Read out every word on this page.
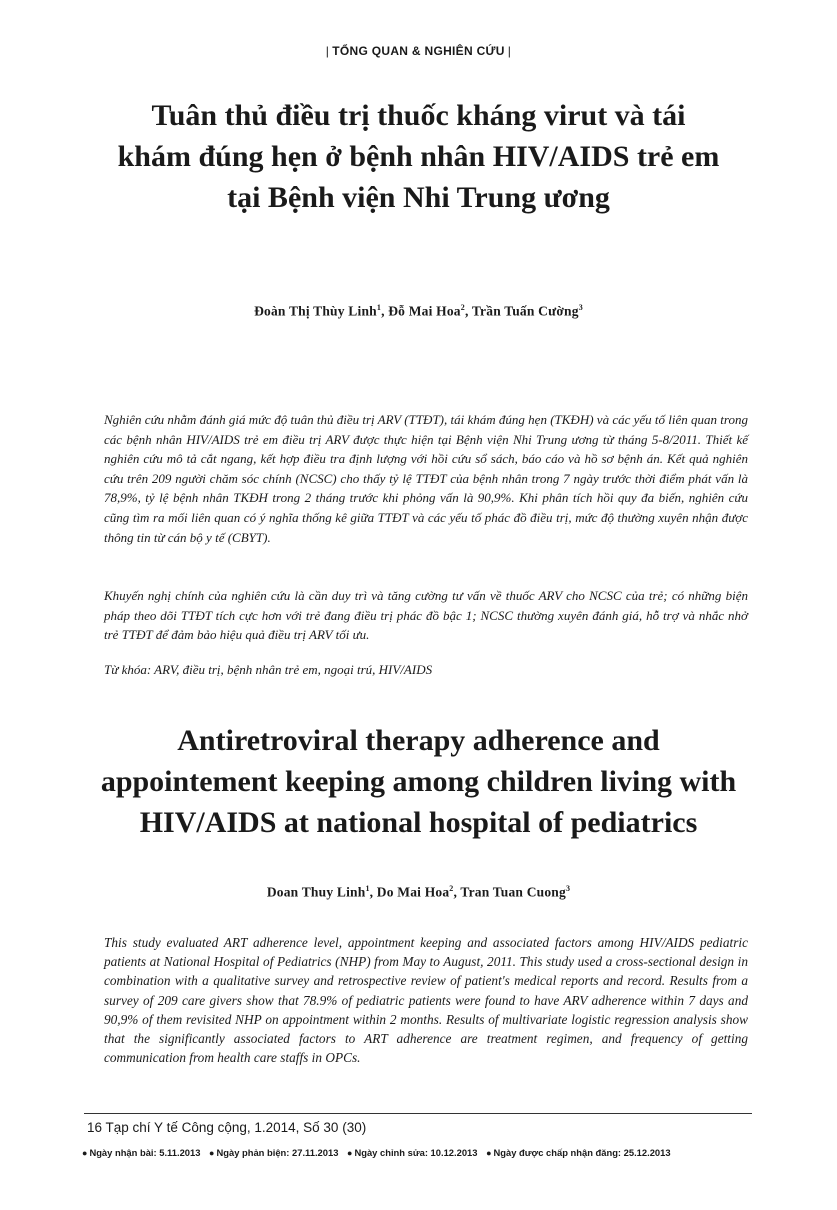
| TỔNG QUAN & NGHIÊN CỨU |
Tuân thủ điều trị thuốc kháng virut và tái
khám đúng hẹn ở bệnh nhân HIV/AIDS trẻ em
tại Bệnh viện Nhi Trung ương
Đoàn Thị Thùy Linh$^1$, Đỗ Mai Hoa$^2$, Trần Tuấn Cường$^3$

Nghiên cứu nhằm đánh giá mức độ tuân thủ điều trị ARV (TTĐT), tái khám đúng hẹn (TKĐH) và các yếu tố liên quan trong các bệnh nhân HIV/AIDS trẻ em điều trị ARV được thực hiện tại Bệnh viện Nhi Trung ương từ tháng 5-8/2011. Thiết kế nghiên cứu mô tả cắt ngang, kết hợp điều tra định lượng với hồi cứu sổ sách, báo cáo và hồ sơ bệnh án. Kết quả nghiên cứu trên 209 người chăm sóc chính (NCSC) cho thấy tỷ lệ TTĐT của bệnh nhân trong 7 ngày trước thời điểm phát vấn là 78,9%, tỷ lệ bệnh nhân TKĐH trong 2 tháng trước khi phỏng vấn là 90,9%. Khi phân tích hồi quy đa biến, nghiên cứu cũng tìm ra mối liên quan có ý nghĩa thống kê giữa TTĐT và các yếu tố phác đồ điều trị, mức độ thường xuyên nhận được thông tin từ cán bộ y tế (CBYT).

Khuyến nghị chính của nghiên cứu là cần duy trì và tăng cường tư vấn về thuốc ARV cho NCSC của trẻ; có những biện pháp theo dõi TTĐT tích cực hơn với trẻ đang điều trị phác đồ bậc 1; NCSC thường xuyên đánh giá, hỗ trợ và nhắc nhở trẻ TTĐT để đảm bảo hiệu quả điều trị ARV tối ưu.

Từ khóa: ARV, điều trị, bệnh nhân trẻ em, ngoại trú, HIV/AIDS

Antiretroviral therapy adherence and
appointement keeping among children living with
HIV/AIDS at national hospital of pediatrics
Doan Thuy Linh$^1$, Do Mai Hoa$^2$, Tran Tuan Cuong$^3$

This study evaluated ART adherence level, appointment keeping and associated factors among HIV/AIDS pediatric patients at National Hospital of Pediatrics (NHP) from May to August, 2011. This study used a cross-sectional design in combination with a qualitative survey and retrospective review of patient's medical reports and record. Results from a survey of 209 care givers show that 78.9% of pediatric patients were found to have ARV adherence within 7 days and 90,9% of them revisited NHP on appointment within 2 months. Results of multivariate logistic regression analysis show that the significantly associated factors to ART adherence are treatment regimen, and frequency of getting communication from health care staffs in OPCs.

16 Tạp chí Y tế Công cộng, 1.2014, Số 30 (30)
● Ngày nhận bài: 5.11.2013 ● Ngày phản biện: 27.11.2013 ● Ngày chỉnh sửa: 10.12.2013 ● Ngày được chấp nhận đăng: 25.12.2013
